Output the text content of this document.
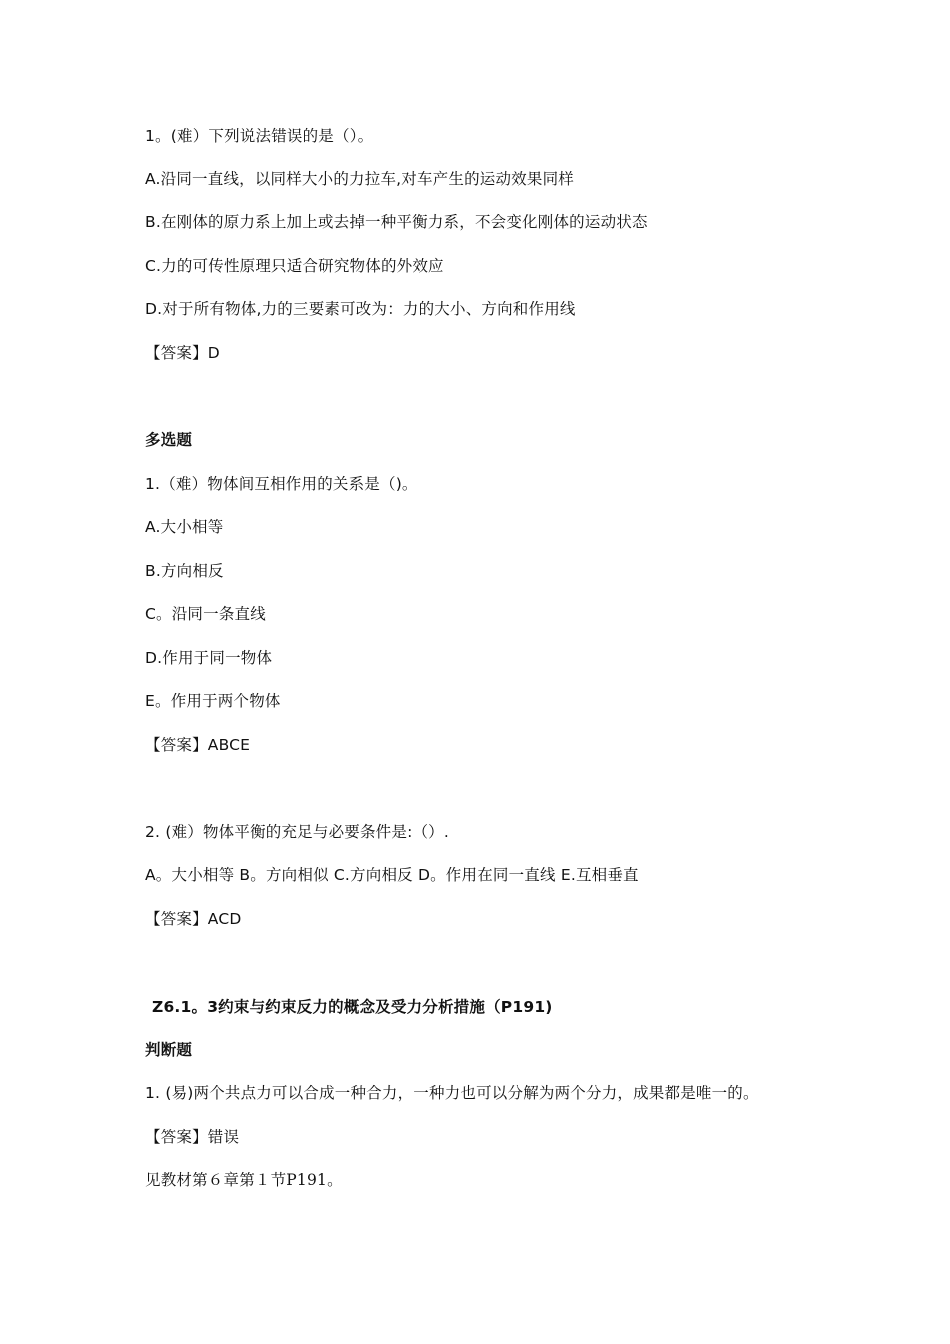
1。(难）下列说法错误的是（）。
A.沿同一直线，以同样大小的力拉车,对车产生的运动效果同样
B.在刚体的原力系上加上或去掉一种平衡力系，不会变化刚体的运动状态
C.力的可传性原理只适合研究物体的外效应
D.对于所有物体,力的三要素可改为：力的大小、方向和作用线
【答案】D
多选题
1.（难）物体间互相作用的关系是（)。
A.大小相等
B.方向相反
C。沿同一条直线
D.作用于同一物体
E。作用于两个物体
【答案】ABCE
2. (难）物体平衡的充足与必要条件是:（）.
A。大小相等 B。方向相似 C.方向相反 D。作用在同一直线 E.互相垂直
【答案】ACD
Z6.1。3约束与约束反力的概念及受力分析措施（P191)
判断题
1. (易)两个共点力可以合成一种合力，一种力也可以分解为两个分力，成果都是唯一的。
【答案】错误
见教材第６章第１节P191。
